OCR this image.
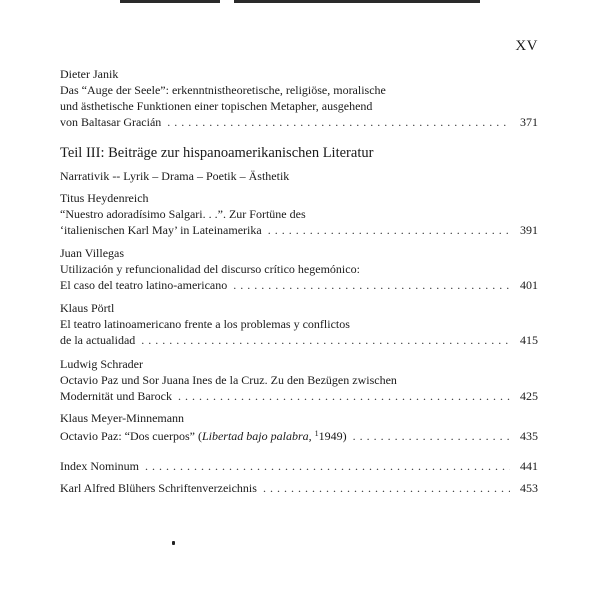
XV
Dieter Janik
Das “Auge der Seele”: erkenntnistheoretische, religiöse, moralische
und ästhetische Funktionen einer topischen Metapher, ausgehend
von Baltasar Gracián . . .	371
Teil III: Beiträge zur hispanoamerikanischen Literatur
Narrativik -- Lyrik – Drama – Poetik – Ästhetik
Titus Heydenreich
“Nuestro adoradísimo Salgari. . .”. Zur Fortüne des
‘italienischen Karl May’ in Lateinamerika . . .	391
Juan Villegas
Utilización y refuncionalidad del discurso crítico hegemónico:
El caso del teatro latino-americano . . .	401
Klaus Pörtl
El teatro latinoamericano frente a los problemas y conflictos
de la actualidad . . .	415
Ludwig Schrader
Octavio Paz und Sor Juana Ines de la Cruz. Zu den Bezügen zwischen
Modernität und Barock . . .	425
Klaus Meyer-Minnemann
Octavio Paz: “Dos cuerpos” (Libertad bajo palabra, $^1$1949) . . .	435
Index Nominum . . .	441
Karl Alfred Blühers Schriftenverzeichnis . . .	453
